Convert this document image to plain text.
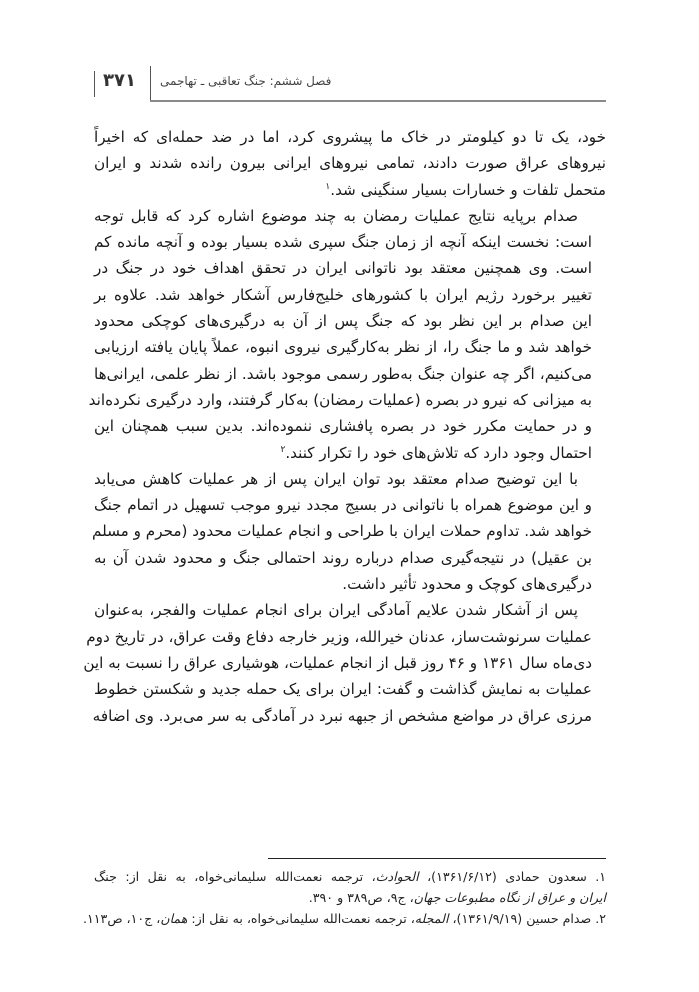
۳۷۱ فصل ششم: جنگ تعاقبی ـ تهاجمی

خود، یک تا دو کیلومتر در خاک ما پیشروی کرد، اما در ضد حمله‌ای که اخیراً
نیروهای عراق صورت دادند، تمامی نیروهای ایرانی بیرون رانده شدند و ایران
متحمل تلفات و خسارات بسیار سنگینی شد.$^۱$

صدام برپایه نتایج عملیات رمضان به چند موضوع اشاره کرد که قابل توجه
است: نخست اینکه آنچه از زمان جنگ سپری شده بسیار بوده و آنچه مانده کم
است. وی همچنین معتقد بود ناتوانی ایران در تحقق اهداف خود در جنگ در
تغییر برخورد رژیم ایران با کشورهای خلیج‌فارس آشکار خواهد شد. علاوه بر
این صدام بر این نظر بود که جنگ پس از آن به درگیری‌های کوچکی محدود
خواهد شد و ما جنگ را، از نظر به‌کارگیری نیروی انبوه، عملاً پایان یافته ارزیابی
می‌کنیم، اگر چه عنوان جنگ به‌طور رسمی موجود باشد. از نظر علمی، ایرانی‌ها
به میزانی که نیرو در بصره (عملیات رمضان) به‌کار گرفتند، وارد درگیری نکرده‌اند
و در حمایت مکرر خود در بصره پافشاری ننموده‌اند. بدین سبب همچنان این
احتمال وجود دارد که تلاش‌های خود را تکرار کنند.$^۲$

با این توضیح صدام معتقد بود توان ایران پس از هر عملیات کاهش می‌یابد
و این موضوع همراه با ناتوانی در بسیج مجدد نیرو موجب تسهیل در اتمام جنگ
خواهد شد. تداوم حملات ایران با طراحی و انجام عملیات محدود (محرم و مسلم
بن عقیل) در نتیجه‌گیری صدام درباره روند احتمالی جنگ و محدود شدن آن به
درگیری‌های کوچک و محدود تأثیر داشت.

پس از آشکار شدن علایم آمادگی ایران برای انجام عملیات والفجر، به‌عنوان
عملیات سرنوشت‌ساز، عدنان خیرالله، وزیر خارجه دفاع وقت عراق، در تاریخ دوم
دی‌ماه سال ۱۳۶۱ و ۴۶ روز قبل از انجام عملیات، هوشیاری عراق را نسبت به این
عملیات به نمایش گذاشت و گفت: ایران برای یک حمله جدید و شکستن خطوط
مرزی عراق در مواضع مشخص از جبهه نبرد در آمادگی به سر می‌برد. وی اضافه

۱. سعدون حمادی (۱۳۶۱/۶/۱۲)، الحوادث، ترجمه نعمت‌الله سلیمانی‌خواه، به نقل از: جنگ
ایران و عراق از نگاه مطبوعات جهان، ج۹، ص۳۸۹ و ۳۹۰.
۲. صدام حسین (۱۳۶۱/۹/۱۹)، المجله، ترجمه نعمت‌الله سلیمانی‌خواه، به نقل از: همان، ج۱۰، ص۱۱۳.
